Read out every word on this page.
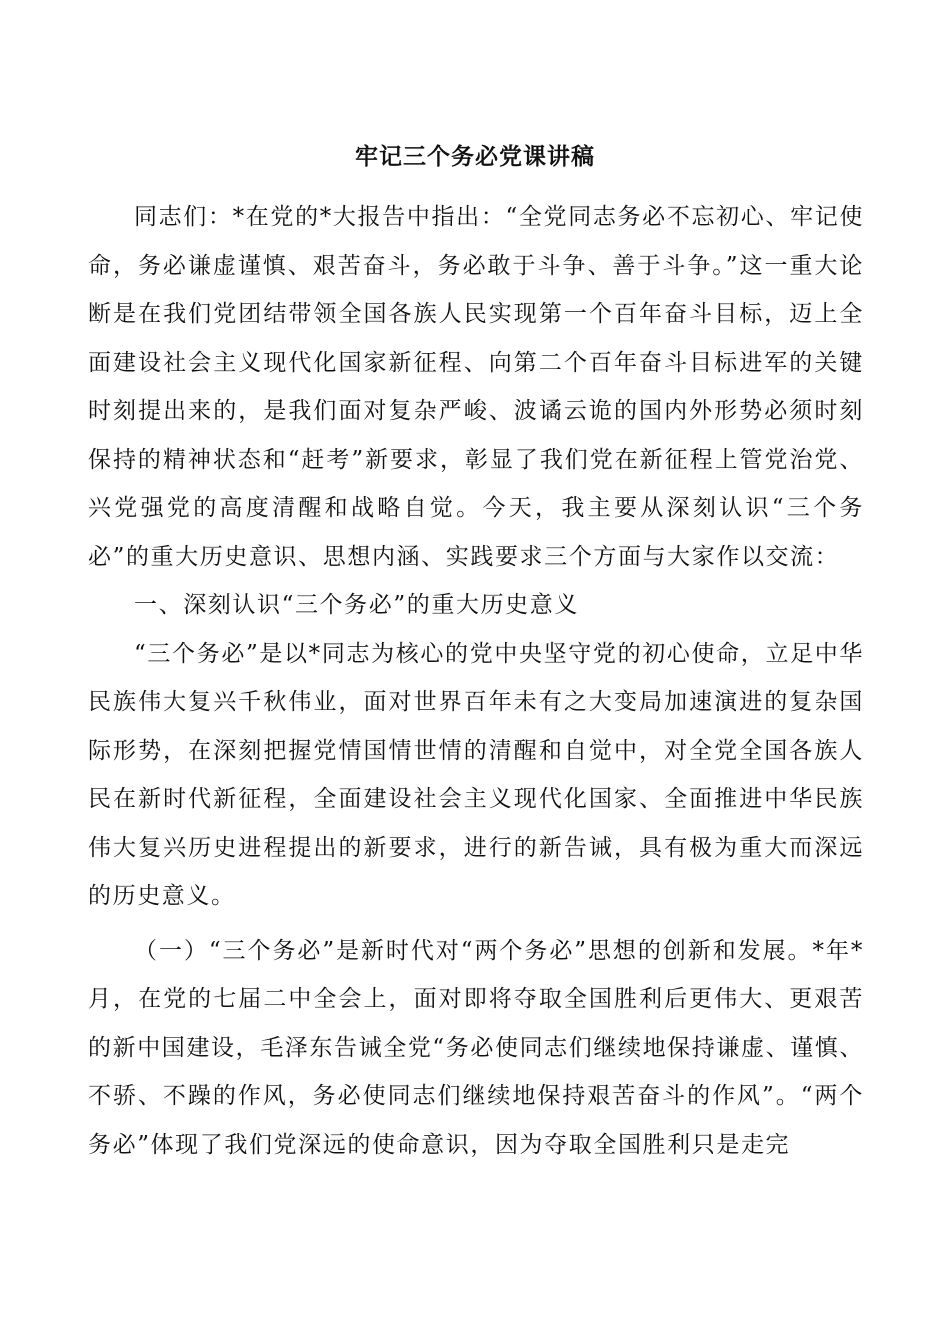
牢记三个务必党课讲稿

同志们：*在党的*大报告中指出：“全党同志务必不忘初心、牢记使命，务必谦虚谨慎、艰苦奋斗，务必敢于斗争、善于斗争。”这一重大论断是在我们党团结带领全国各族人民实现第一个百年奋斗目标，迈上全面建设社会主义现代化国家新征程、向第二个百年奋斗目标进军的关键时刻提出来的，是我们面对复杂严峻、波谲云诡的国内外形势必须时刻保持的精神状态和“赶考”新要求，彰显了我们党在新征程上管党治党、兴党强党的高度清醒和战略自觉。今天，我主要从深刻认识“三个务必”的重大历史意识、思想内涵、实践要求三个方面与大家作以交流：

一、深刻认识“三个务必”的重大历史意义

“三个务必”是以*同志为核心的党中央坚守党的初心使命，立足中华民族伟大复兴千秋伟业，面对世界百年未有之大变局加速演进的复杂国际形势，在深刻把握党情国情世情的清醒和自觉中，对全党全国各族人民在新时代新征程，全面建设社会主义现代化国家、全面推进中华民族伟大复兴历史进程提出的新要求，进行的新告诫，具有极为重大而深远的历史意义。

（一）“三个务必”是新时代对“两个务必”思想的创新和发展。*年*月，在党的七届二中全会上，面对即将夺取全国胜利后更伟大、更艰苦的新中国建设，毛泽东告诫全党“务必使同志们继续地保持谦虚、谨慎、不骄、不躁的作风，务必使同志们继续地保持艰苦奋斗的作风”。“两个务必”体现了我们党深远的使命意识，因为夺取全国胜利只是走完
